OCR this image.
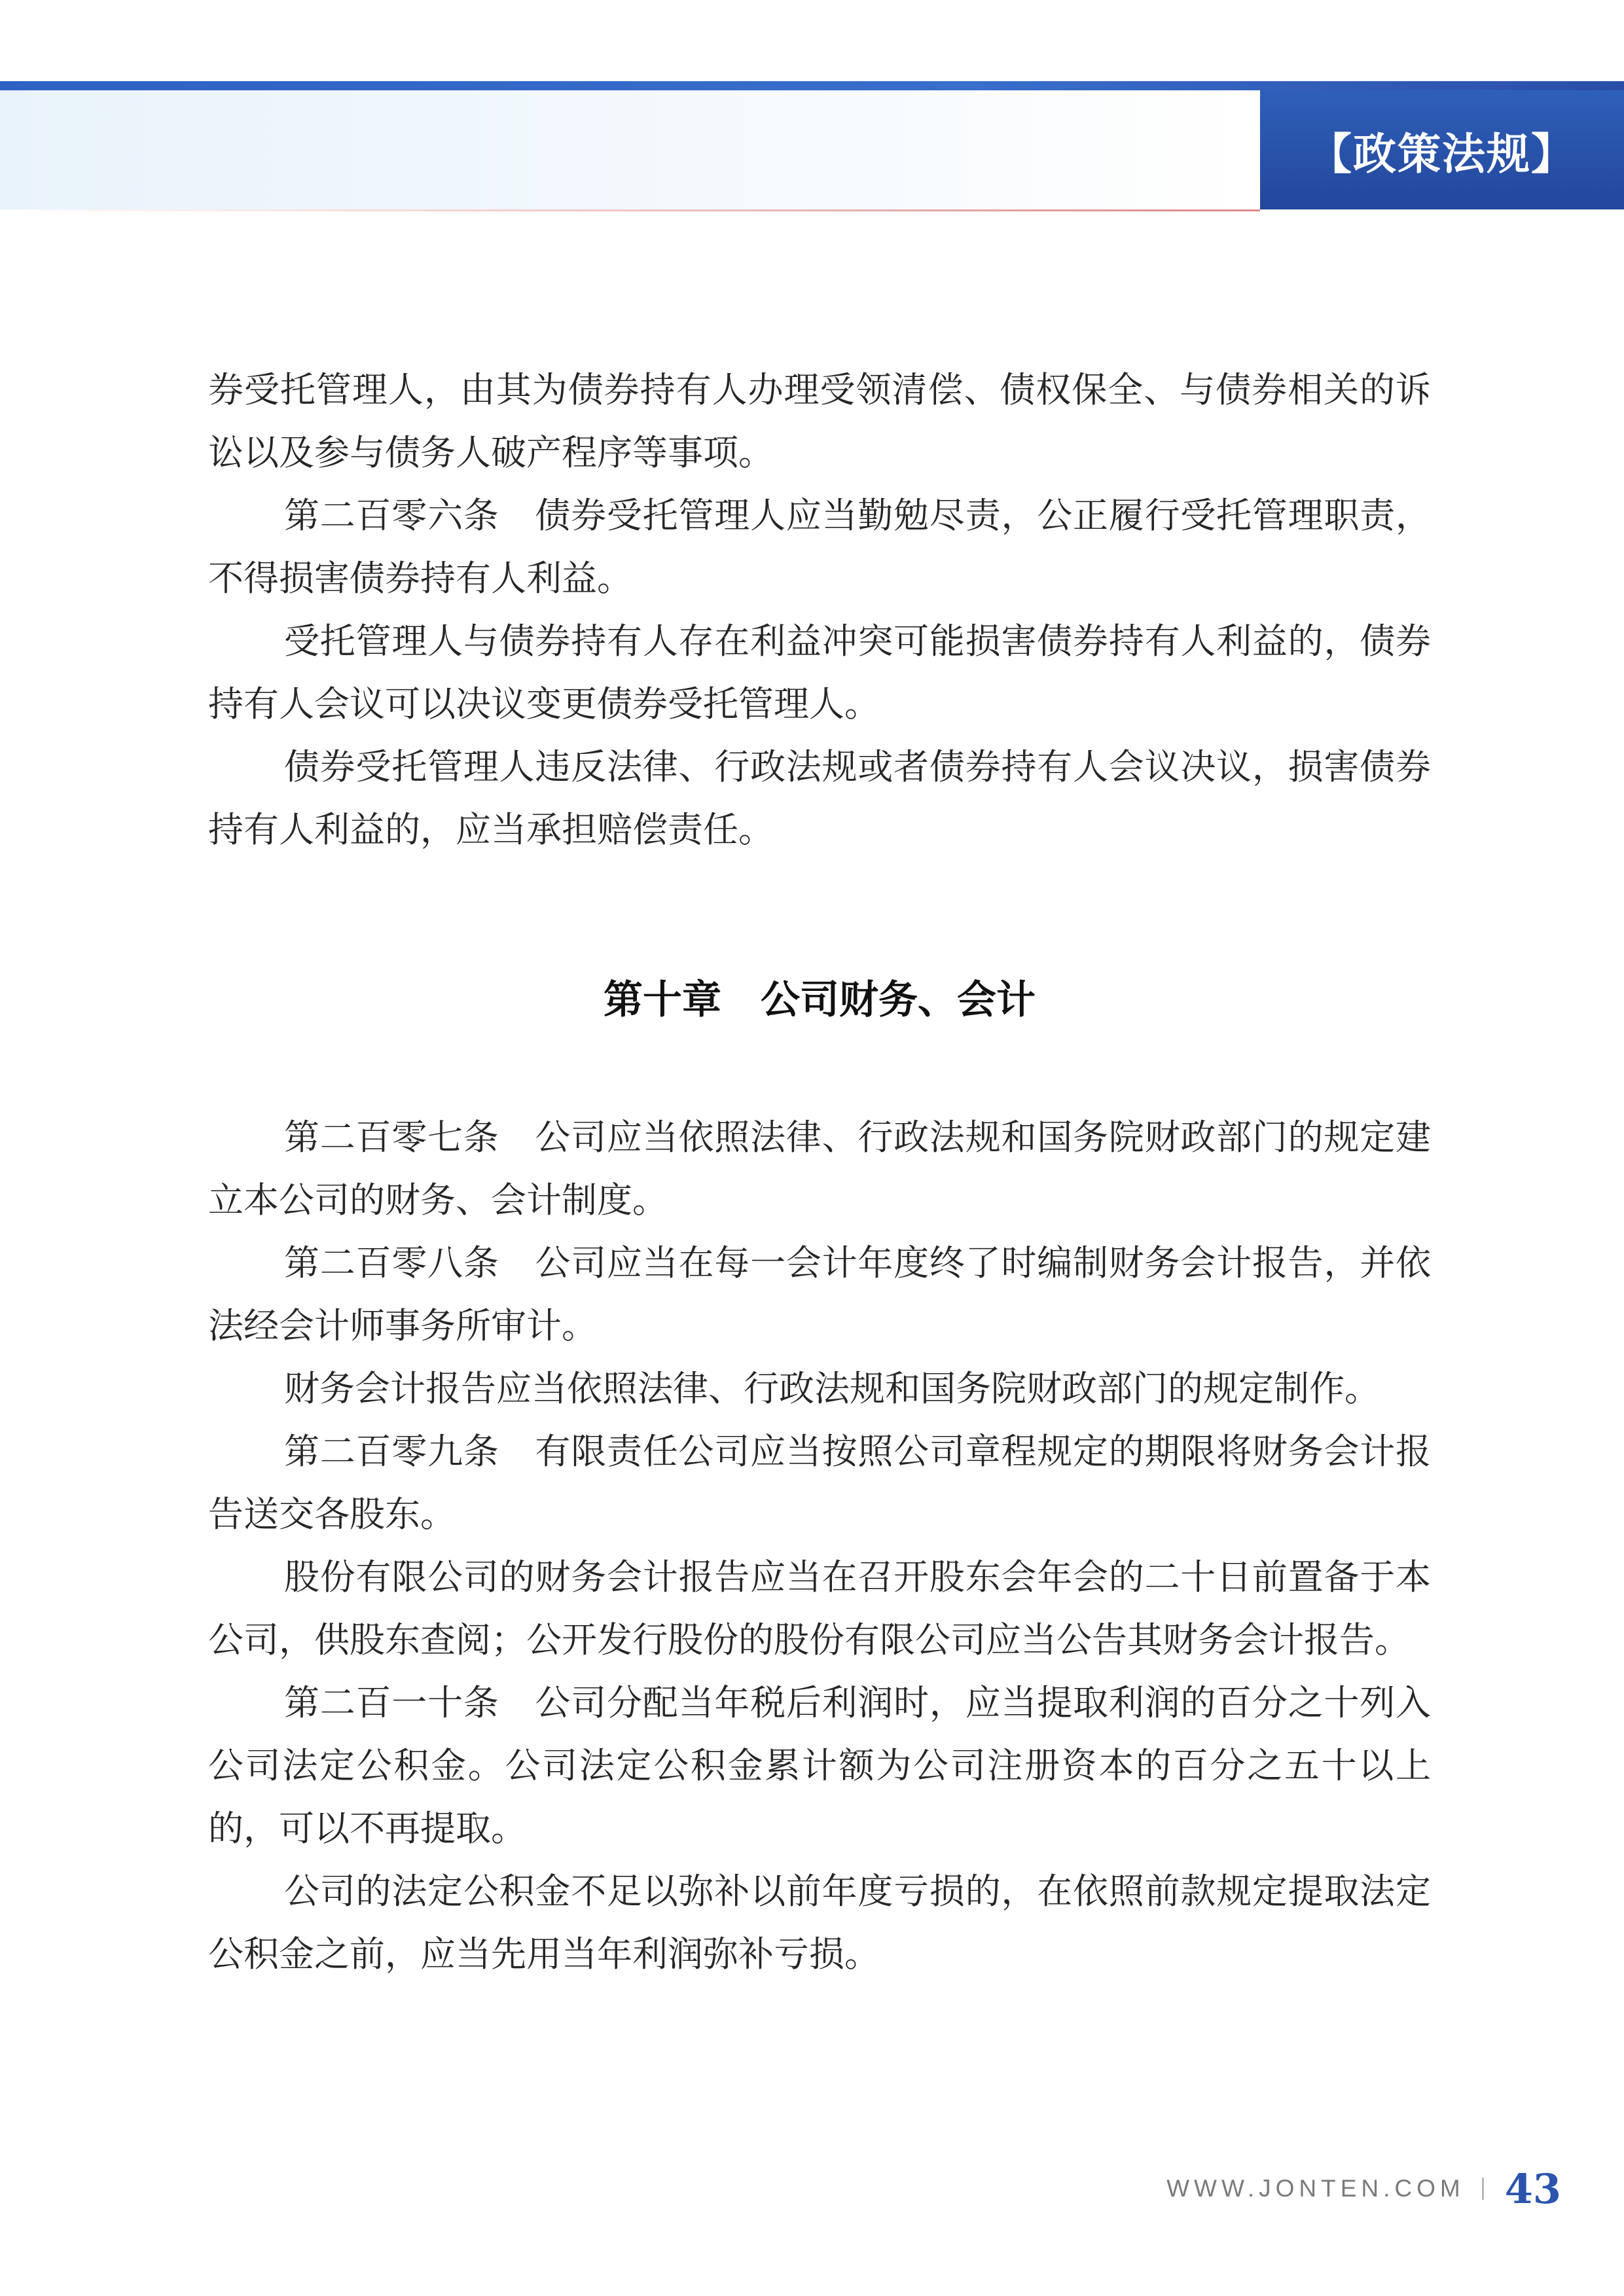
【政策法规】

券受托管理人，由其为债券持有人办理受领清偿、债权保全、与债券相关的诉讼以及参与债务人破产程序等事项。

第二百零六条　债券受托管理人应当勤勉尽责，公正履行受托管理职责，不得损害债券持有人利益。

受托管理人与债券持有人存在利益冲突可能损害债券持有人利益的，债券持有人会议可以决议变更债券受托管理人。

债券受托管理人违反法律、行政法规或者债券持有人会议决议，损害债券持有人利益的，应当承担赔偿责任。

第十章　公司财务、会计

第二百零七条　公司应当依照法律、行政法规和国务院财政部门的规定建立本公司的财务、会计制度。

第二百零八条　公司应当在每一会计年度终了时编制财务会计报告，并依法经会计师事务所审计。

财务会计报告应当依照法律、行政法规和国务院财政部门的规定制作。

第二百零九条　有限责任公司应当按照公司章程规定的期限将财务会计报告送交各股东。

股份有限公司的财务会计报告应当在召开股东会年会的二十日前置备于本公司，供股东查阅；公开发行股份的股份有限公司应当公告其财务会计报告。

第二百一十条　公司分配当年税后利润时，应当提取利润的百分之十列入公司法定公积金。公司法定公积金累计额为公司注册资本的百分之五十以上的，可以不再提取。

公司的法定公积金不足以弥补以前年度亏损的，在依照前款规定提取法定公积金之前，应当先用当年利润弥补亏损。

WWW.JONTEN.COM 43
